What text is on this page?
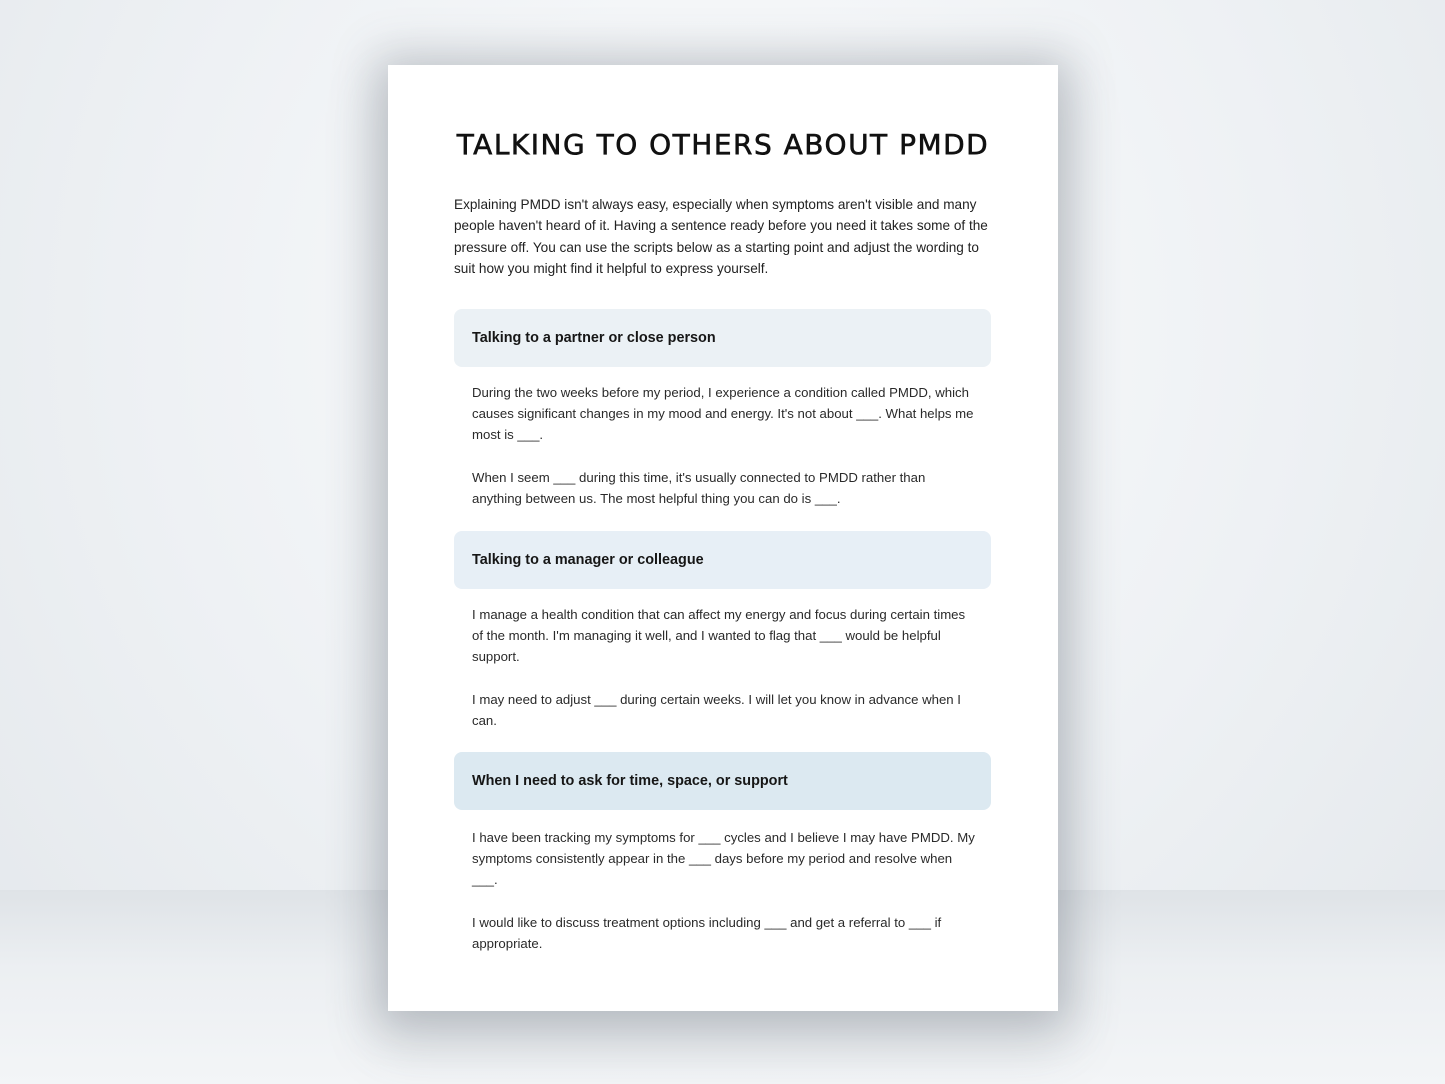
TALKING TO OTHERS ABOUT PMDD

Explaining PMDD isn't always easy, especially when symptoms aren't visible and many people haven't heard of it. Having a sentence ready before you need it takes some of the pressure off. You can use the scripts below as a starting point and adjust the wording to suit how you might find it helpful to express yourself.

Talking to a partner or close person

During the two weeks before my period, I experience a condition called PMDD, which causes significant changes in my mood and energy. It's not about ___. What helps me most is ___.

When I seem ___ during this time, it's usually connected to PMDD rather than anything between us. The most helpful thing you can do is ___.

Talking to a manager or colleague

I manage a health condition that can affect my energy and focus during certain times of the month. I'm managing it well, and I wanted to flag that ___ would be helpful support.

I may need to adjust ___ during certain weeks. I will let you know in advance when I can.

When I need to ask for time, space, or support

I have been tracking my symptoms for ___ cycles and I believe I may have PMDD. My symptoms consistently appear in the ___ days before my period and resolve when ___.

I would like to discuss treatment options including ___ and get a referral to ___ if appropriate.
